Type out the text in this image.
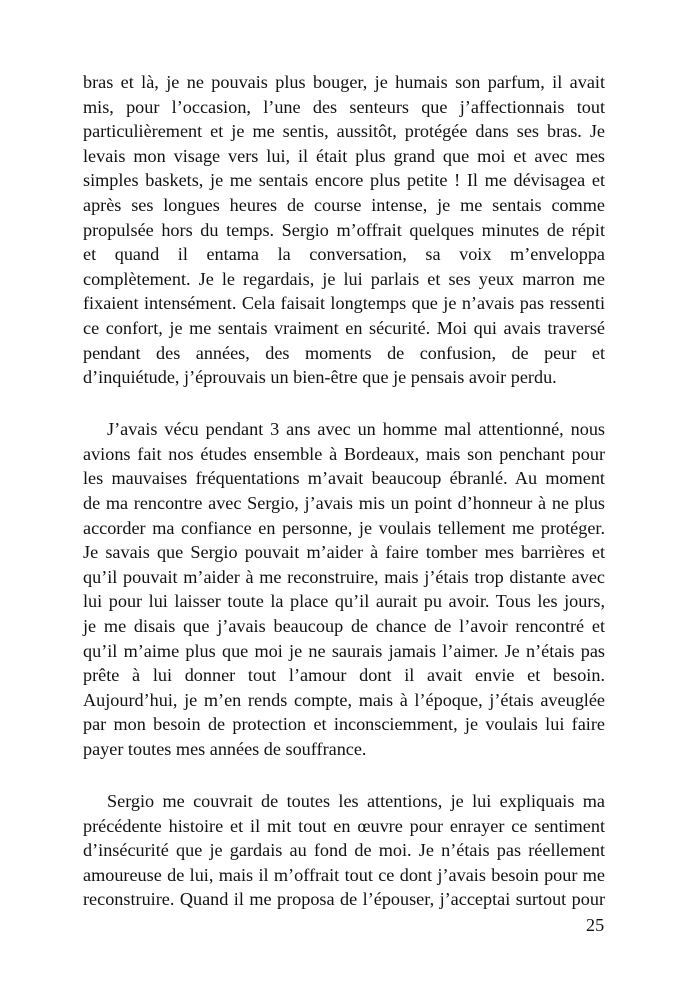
bras et là, je ne pouvais plus bouger, je humais son parfum, il avait
mis, pour l’occasion, l’une des senteurs que j’affectionnais tout
particulièrement et je me sentis, aussitôt, protégée dans ses bras. Je
levais mon visage vers lui, il était plus grand que moi et avec mes
simples baskets, je me sentais encore plus petite ! Il me dévisagea et
après ses longues heures de course intense, je me sentais comme
propulsée hors du temps. Sergio m’offrait quelques minutes de répit
et quand il entama la conversation, sa voix m’enveloppa
complètement. Je le regardais, je lui parlais et ses yeux marron me
fixaient intensément. Cela faisait longtemps que je n’avais pas ressenti
ce confort, je me sentais vraiment en sécurité. Moi qui avais traversé
pendant des années, des moments de confusion, de peur et
d’inquiétude, j’éprouvais un bien-être que je pensais avoir perdu.
J’avais vécu pendant 3 ans avec un homme mal attentionné, nous
avions fait nos études ensemble à Bordeaux, mais son penchant pour
les mauvaises fréquentations m’avait beaucoup ébranlé. Au moment
de ma rencontre avec Sergio, j’avais mis un point d’honneur à ne plus
accorder ma confiance en personne, je voulais tellement me protéger.
Je savais que Sergio pouvait m’aider à faire tomber mes barrières et
qu’il pouvait m’aider à me reconstruire, mais j’étais trop distante avec
lui pour lui laisser toute la place qu’il aurait pu avoir. Tous les jours,
je me disais que j’avais beaucoup de chance de l’avoir rencontré et
qu’il m’aime plus que moi je ne saurais jamais l’aimer. Je n’étais pas
prête à lui donner tout l’amour dont il avait envie et besoin.
Aujourd’hui, je m’en rends compte, mais à l’époque, j’étais aveuglée
par mon besoin de protection et inconsciemment, je voulais lui faire
payer toutes mes années de souffrance.
Sergio me couvrait de toutes les attentions, je lui expliquais ma
précédente histoire et il mit tout en œuvre pour enrayer ce sentiment
d’insécurité que je gardais au fond de moi. Je n’étais pas réellement
amoureuse de lui, mais il m’offrait tout ce dont j’avais besoin pour me
reconstruire. Quand il me proposa de l’épouser, j’acceptai surtout pour
25
